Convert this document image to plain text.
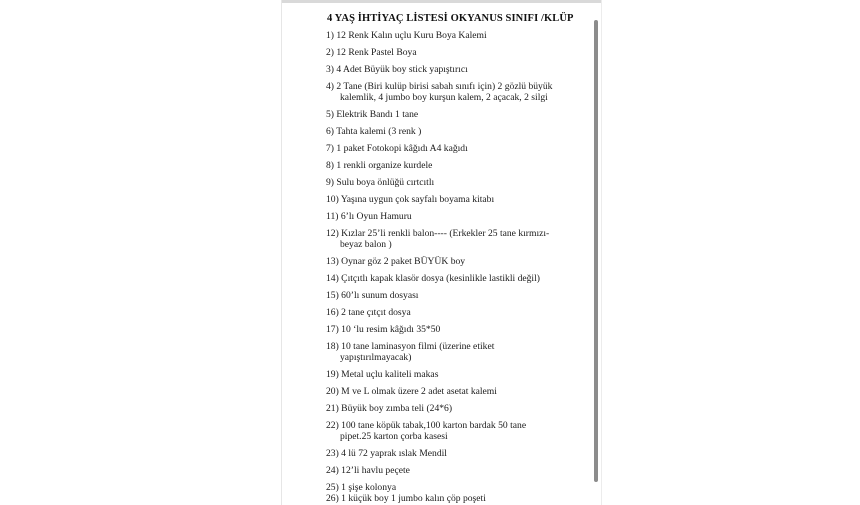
4 YAŞ İHTİYAÇ LİSTESİ OKYANUS SINIFI /KLÜP
1) 12 Renk Kalın uçlu Kuru Boya Kalemi
2) 12 Renk Pastel Boya
3) 4 Adet Büyük boy stick yapıştırıcı
4) 2 Tane (Biri kulüp birisi sabah sınıfı için) 2 gözlü büyük
kalemlik, 4 jumbo boy kurşun kalem, 2 açacak, 2 silgi
5) Elektrik Bandı 1 tane
6) Tahta kalemi (3 renk )
7) 1 paket Fotokopi kâğıdı A4 kağıdı
8) 1 renkli organize kurdele
9) Sulu boya önlüğü cırtcıtlı
10) Yaşına uygun çok sayfalı boyama kitabı
11) 6’lı Oyun Hamuru
12) Kızlar 25’li renkli balon---- (Erkekler 25 tane kırmızı-
beyaz balon )
13) Oynar göz 2 paket BÜYÜK boy
14) Çıtçıtlı kapak klasör dosya (kesinlikle lastikli değil)
15) 60’lı sunum dosyası
16) 2 tane çıtçıt dosya
17) 10 ‘lu resim kâğıdı 35*50
18) 10 tane laminasyon filmi (üzerine etiket
yapıştırılmayacak)
19) Metal uçlu kaliteli makas
20) M ve L olmak üzere 2 adet asetat kalemi
21) Büyük boy zımba teli (24*6)
22) 100 tane köpük tabak,100 karton bardak 50 tane
pipet.25 karton çorba kasesi
23) 4 lü 72 yaprak ıslak Mendil
24) 12’li havlu peçete
25) 1 şişe kolonya
26) 1 küçük boy 1 jumbo kalın çöp poşeti
